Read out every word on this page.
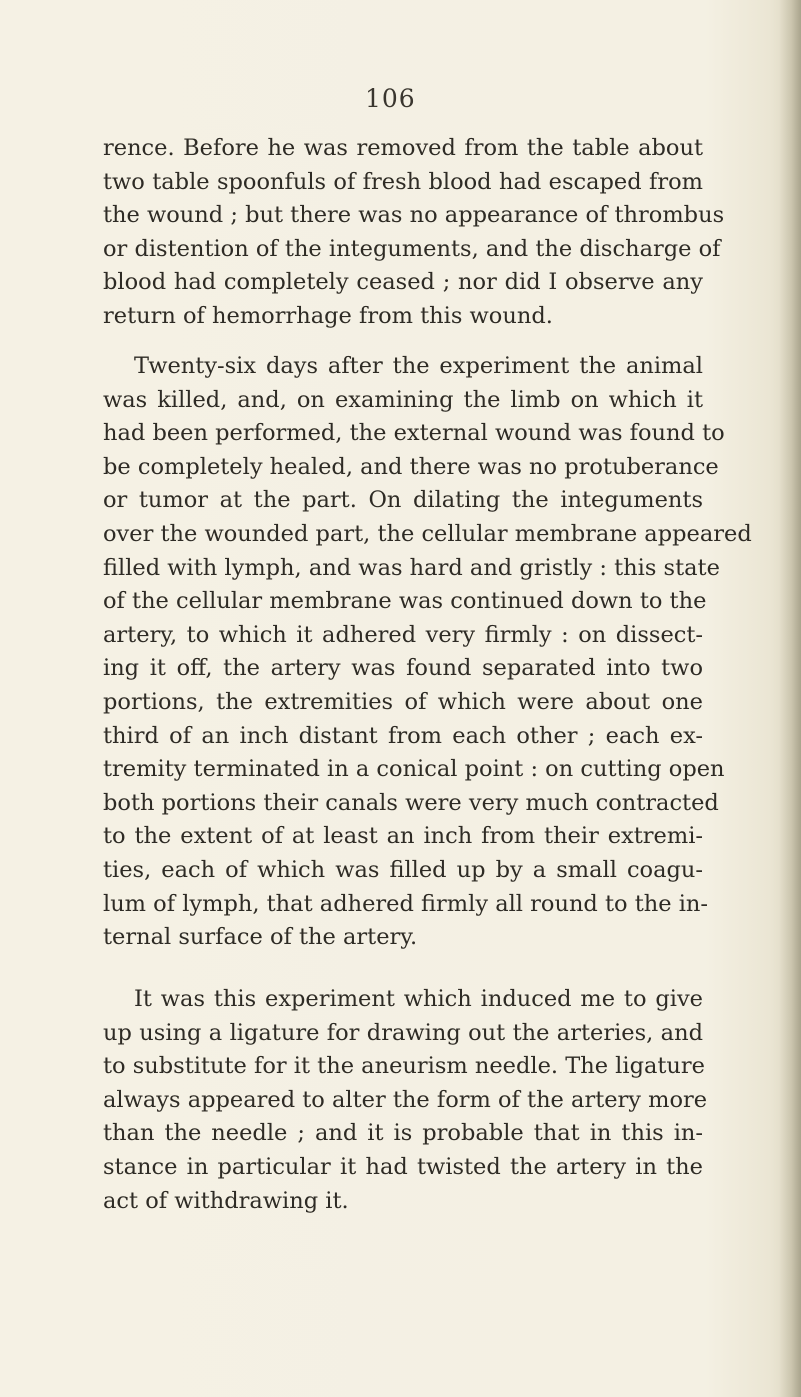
106

rence. Before he was removed from the table about
two table spoonfuls of fresh blood had escaped from
the wound ; but there was no appearance of thrombus
or distention of the integuments, and the discharge of
blood had completely ceased ; nor did I observe any
return of hemorrhage from this wound.

Twenty-six days after the experiment the animal
was killed, and, on examining the limb on which it
had been performed, the external wound was found to
be completely healed, and there was no protuberance
or tumor at the part. On dilating the integuments
over the wounded part, the cellular membrane appeared
filled with lymph, and was hard and gristly : this state
of the cellular membrane was continued down to the
artery, to which it adhered very firmly : on dissect-
ing it off, the artery was found separated into two
portions, the extremities of which were about one
third of an inch distant from each other ; each ex-
tremity terminated in a conical point : on cutting open
both portions their canals were very much contracted
to the extent of at least an inch from their extremi-
ties, each of which was filled up by a small coagu-
lum of lymph, that adhered firmly all round to the in-
ternal surface of the artery.

It was this experiment which induced me to give
up using a ligature for drawing out the arteries, and
to substitute for it the aneurism needle. The ligature
always appeared to alter the form of the artery more
than the needle ; and it is probable that in this in-
stance in particular it had twisted the artery in the
act of withdrawing it.
